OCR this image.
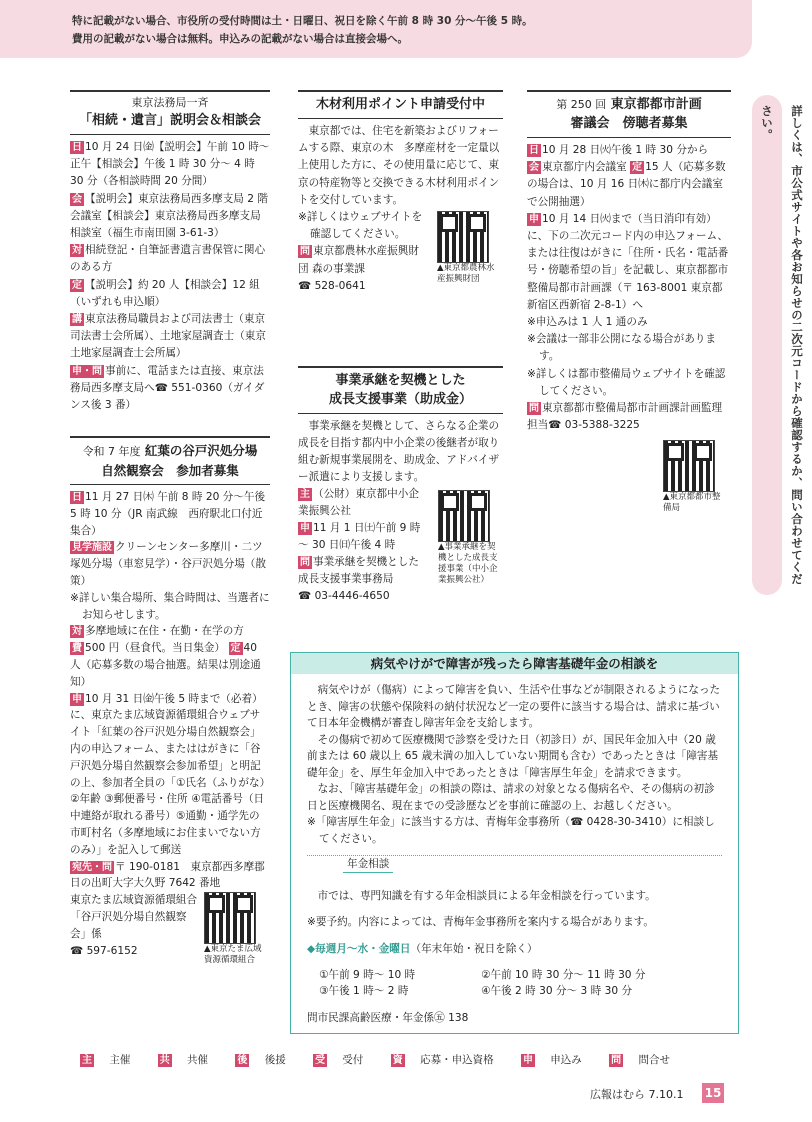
特に記載がない場合、市役所の受付時間は土・日曜日、祝日を除く午前 8 時 30 分～午後 5 時。

費用の記載がない場合は無料。申込みの記載がない場合は直接会場へ。

東京法務局一斉
「相続・遺言」説明会＆相談会

日 10 月 24 日㈮【説明会】午前 10 時～正午【相談会】午後 1 時 30 分～ 4 時 30 分（各相談時間 20 分間）

会 【説明会】東京法務局西多摩支局 2 階会議室【相談会】東京法務局西多摩支局相談室（福生市南田園 3-61-3）

対 相続登記・自筆証書遺言書保管に関心のある方

定 【説明会】約 20 人【相談会】12 組（いずれも申込順）

講 東京法務局職員および司法書士（東京司法書士会所属）、土地家屋調査士（東京土地家屋調査士会所属）

申・問 事前に、電話または直接、東京法務局西多摩支局へ☎ 551-0360（ガイダンス後 3 番）

令和 7 年度 紅葉の谷戸沢処分場
自然観察会　参加者募集

日 11 月 27 日㈭ 午前 8 時 20 分～午後 5 時 10 分（JR 南武線　西府駅北口付近集合）

見学施設 クリーンセンター多摩川・二ツ塚処分場（車窓見学）・谷戸沢処分場（散策）

※詳しい集合場所、集合時間は、当選者にお知らせします。

対 多摩地域に在住・在勤・在学の方

費 500 円（昼食代。当日集金） 定 40 人（応募多数の場合抽選。結果は別途通知）

申 10 月 31 日㈮午後 5 時まで（必着）に、東京たま広域資源循環組合ウェブサイト「紅葉の谷戸沢処分場自然観察会」内の申込フォーム、またははがきに「谷戸沢処分場自然観察会参加希望」と明記の上、参加者全員の「①氏名（ふりがな）②年齢 ③郵便番号・住所 ④電話番号（日中連絡が取れる番号）⑤通勤・通学先の市町村名（多摩地域にお住まいでない方のみ）」を記入して郵送

宛先・問 〒 190-0181　東京都西多摩郡日の出町大字大久野 7642 番地

東京たま広域資源循環組合「谷戸沢処分場自然観察会」係

☎ 597-6152	▲東京たま広域資源循環組合
木材利用ポイント申請受付中

東京都では、住宅を新築およびリフォームする際、東京の木　多摩産材を一定量以上使用した方に、その使用量に応じて、東京の特産物等と交換できる木材利用ポイントを交付しています。

※詳しくはウェブサイトを確認してください。

問 東京都農林水産振興財団 森の事業課

☎ 528-0641

▲東京都農林水産振興財団
事業承継を契機とした
成長支援事業（助成金）

事業承継を契機として、さらなる企業の成長を目指す都内中小企業の後継者が取り組む新規事業展開を、助成金、アドバイザー派遣により支援します。

主 （公財）東京都中小企業振興公社

申 11 月 1 日㈯午前 9 時～ 30 日㈰午後 4 時

問 事業承継を契機とした成長支援事業事務局

☎ 03-4446-4650

▲事業承継を契機とした成長支援事業（中小企業振興公社）
第 250 回 東京都都市計画
審議会　傍聴者募集

日 10 月 28 日㈫午後 1 時 30 分から

会 東京都庁内会議室 定 15 人（応募多数の場合は、10 月 16 日㈭に都庁内会議室で公開抽選）

申 10 月 14 日㈫まで（当日消印有効）に、下の二次元コード内の申込フォーム、または往復はがきに「住所・氏名・電話番号・傍聴希望の旨」を記載し、東京都都市整備局都市計画課（〒 163-8001 東京都新宿区西新宿 2-8-1）へ

※申込みは 1 人 1 通のみ

※会議は一部非公開になる場合があります。

※詳しくは都市整備局ウェブサイトを確認してください。

問 東京都都市整備局都市計画課計画監理担当☎ 03-5388-3225

▲東京都都市整備局	詳しくは、市公式サイトや各お知らせの二次元コードから確認するか、問い合わせてください。
病気やけがで障害が残ったら障害基礎年金の相談を

病気やけが（傷病）によって障害を負い、生活や仕事などが制限されるようになったとき、障害の状態や保険料の納付状況など一定の要件に該当する場合は、請求に基づいて日本年金機構が審査し障害年金を支給します。

その傷病で初めて医療機関で診察を受けた日（初診日）が、国民年金加入中（20 歳前または 60 歳以上 65 歳未満の加入していない期間も含む）であったときは「障害基礎年金」を、厚生年金加入中であったときは「障害厚生年金」を請求できます。

なお、「障害基礎年金」の相談の際は、請求の対象となる傷病名や、その傷病の初診日と医療機関名、現在までの受診歴などを事前に確認の上、お越しください。

※「障害厚生年金」に該当する方は、青梅年金事務所（☎ 0428-30-3410）に相談してください。

年金相談

市では、専門知識を有する年金相談員による年金相談を行っています。

※要予約。内容によっては、青梅年金事務所を案内する場合があります。

◆毎週月～水・金曜日（年末年始・祝日を除く）

①午前 9 時～ 10 時	②午前 10 時 30 分～ 11 時 30 分
③午後 1 時～ 2 時	④午後 2 時 30 分～ 3 時 30 分

問市民課高齢医療・年金係㊄ 138

主 主催	共 共催	後 後援	受 受付	資 応募・申込資格	申 申込み	問 問合せ
広報はむら 7.10.1 15
